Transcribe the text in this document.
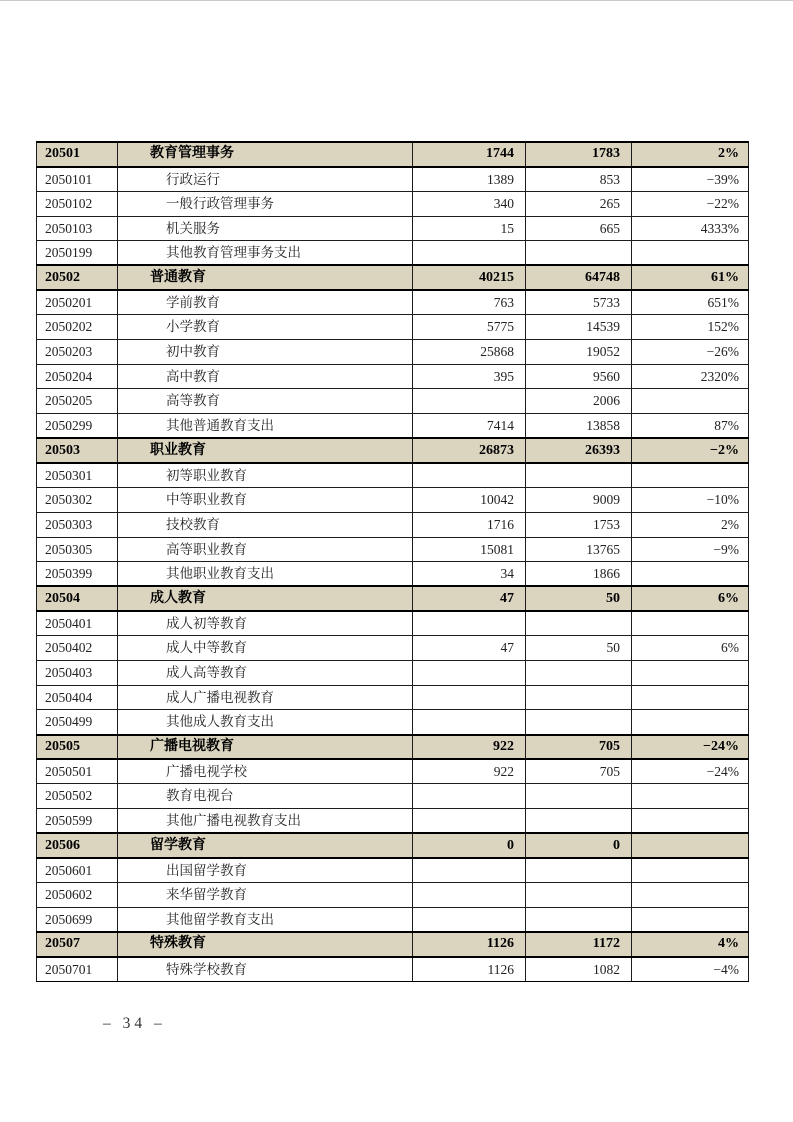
20501	教育管理事务	1744	1783	2%
2050101	行政运行	1389	853	−39%
2050102	一般行政管理事务	340	265	−22%
2050103	机关服务	15	665	4333%
2050199	其他教育管理事务支出			
20502	普通教育	40215	64748	61%
2050201	学前教育	763	5733	651%
2050202	小学教育	5775	14539	152%
2050203	初中教育	25868	19052	−26%
2050204	高中教育	395	9560	2320%
2050205	高等教育		2006	
2050299	其他普通教育支出	7414	13858	87%
20503	职业教育	26873	26393	−2%
2050301	初等职业教育			
2050302	中等职业教育	10042	9009	−10%
2050303	技校教育	1716	1753	2%
2050305	高等职业教育	15081	13765	−9%
2050399	其他职业教育支出	34	1866	
20504	成人教育	47	50	6%
2050401	成人初等教育			
2050402	成人中等教育	47	50	6%
2050403	成人高等教育			
2050404	成人广播电视教育			
2050499	其他成人教育支出			
20505	广播电视教育	922	705	−24%
2050501	广播电视学校	922	705	−24%
2050502	教育电视台			
2050599	其他广播电视教育支出			
20506	留学教育	0	0	
2050601	出国留学教育			
2050602	来华留学教育			
2050699	其他留学教育支出			
20507	特殊教育	1126	1172	4%
2050701	特殊学校教育	1126	1082	−4%
– 34 –
